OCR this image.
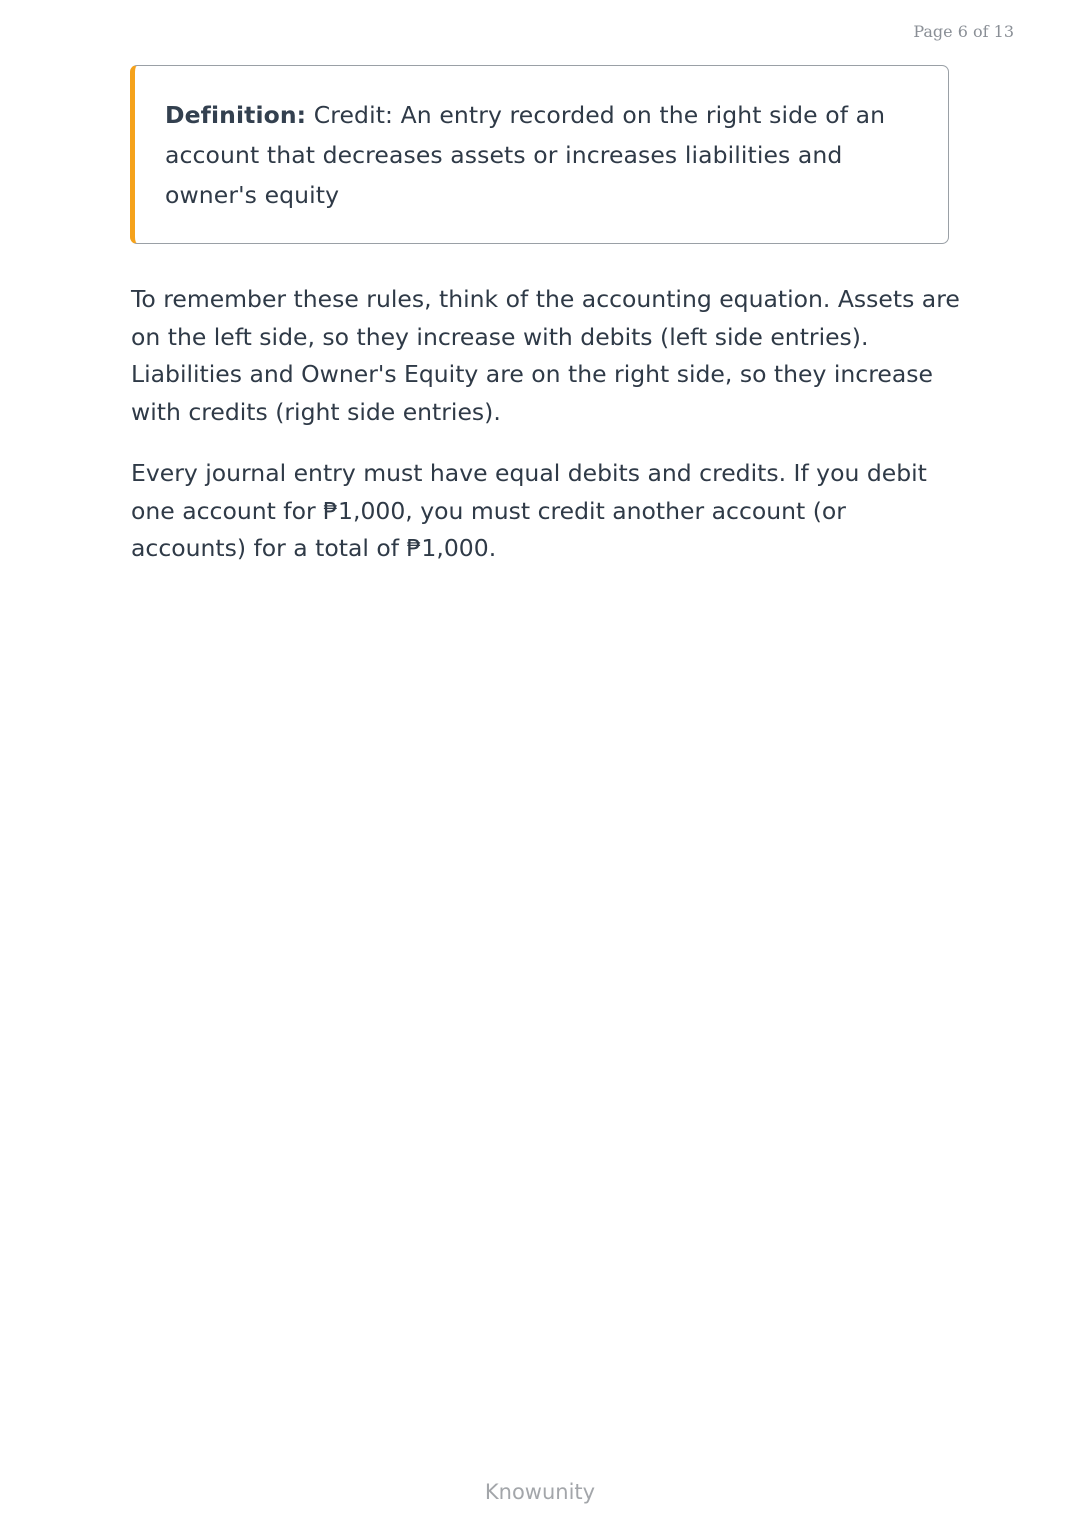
Page 6 of 13

Definition: Credit: An entry recorded on the right side of an account that decreases assets or increases liabilities and owner's equity

To remember these rules, think of the accounting equation. Assets are on the left side, so they increase with debits (left side entries). Liabilities and Owner's Equity are on the right side, so they increase with credits (right side entries).

Every journal entry must have equal debits and credits. If you debit one account for ₱1,000, you must credit another account (or accounts) for a total of ₱1,000.

Knowunity
